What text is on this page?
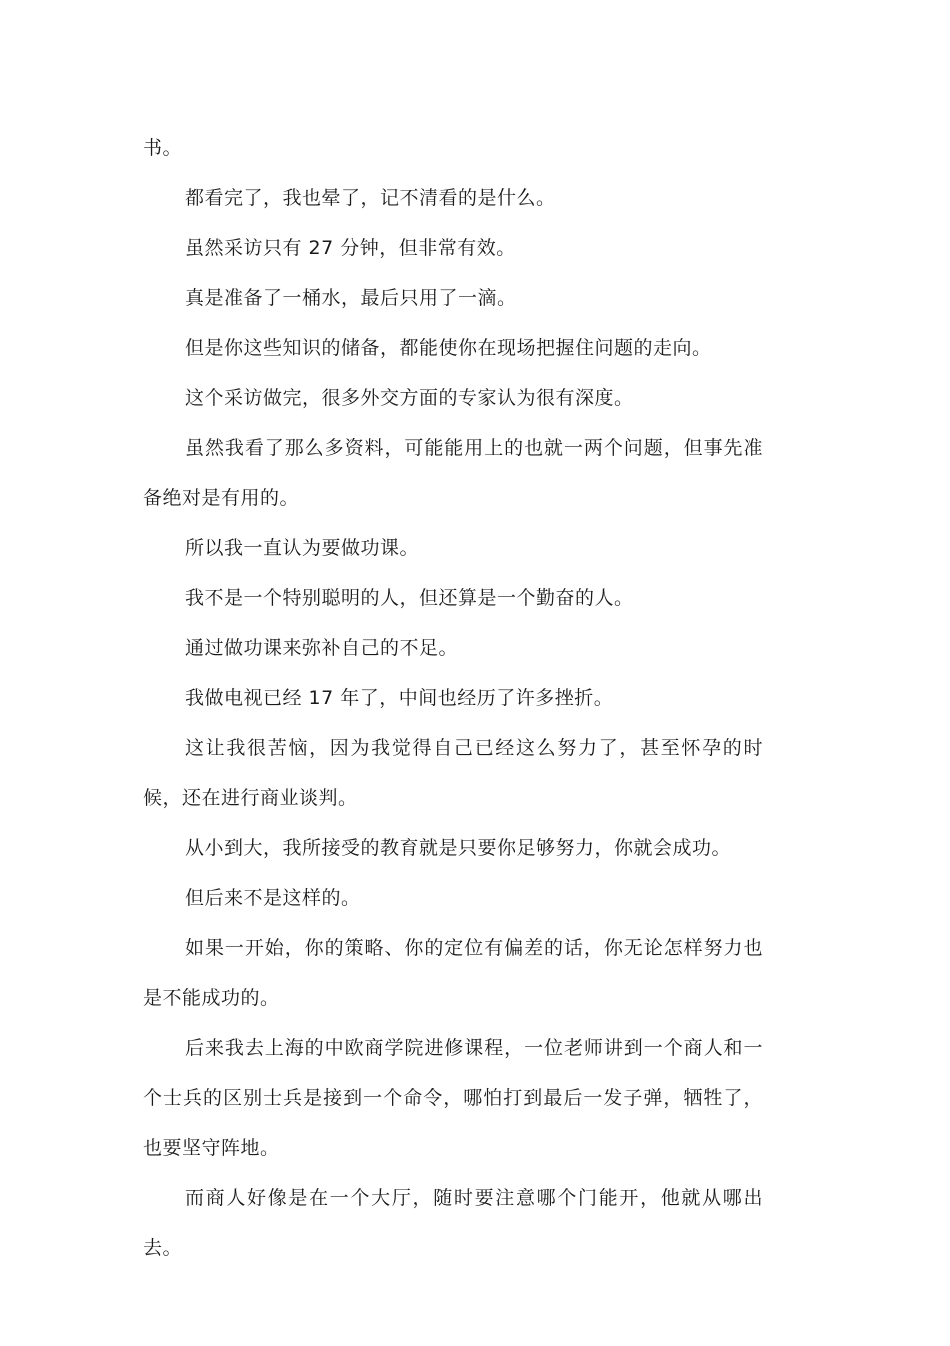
书。

都看完了，我也晕了，记不清看的是什么。

虽然采访只有 27 分钟，但非常有效。

真是准备了一桶水，最后只用了一滴。

但是你这些知识的储备，都能使你在现场把握住问题的走向。

这个采访做完，很多外交方面的专家认为很有深度。

虽然我看了那么多资料，可能能用上的也就一两个问题，但事先准备绝对是有用的。

所以我一直认为要做功课。

我不是一个特别聪明的人，但还算是一个勤奋的人。

通过做功课来弥补自己的不足。

我做电视已经 17 年了，中间也经历了许多挫折。

这让我很苦恼，因为我觉得自己已经这么努力了，甚至怀孕的时候，还在进行商业谈判。

从小到大，我所接受的教育就是只要你足够努力，你就会成功。

但后来不是这样的。

如果一开始，你的策略、你的定位有偏差的话，你无论怎样努力也是不能成功的。

后来我去上海的中欧商学院进修课程，一位老师讲到一个商人和一个士兵的区别士兵是接到一个命令，哪怕打到最后一发子弹，牺牲了，也要坚守阵地。

而商人好像是在一个大厅，随时要注意哪个门能开，他就从哪出去。
